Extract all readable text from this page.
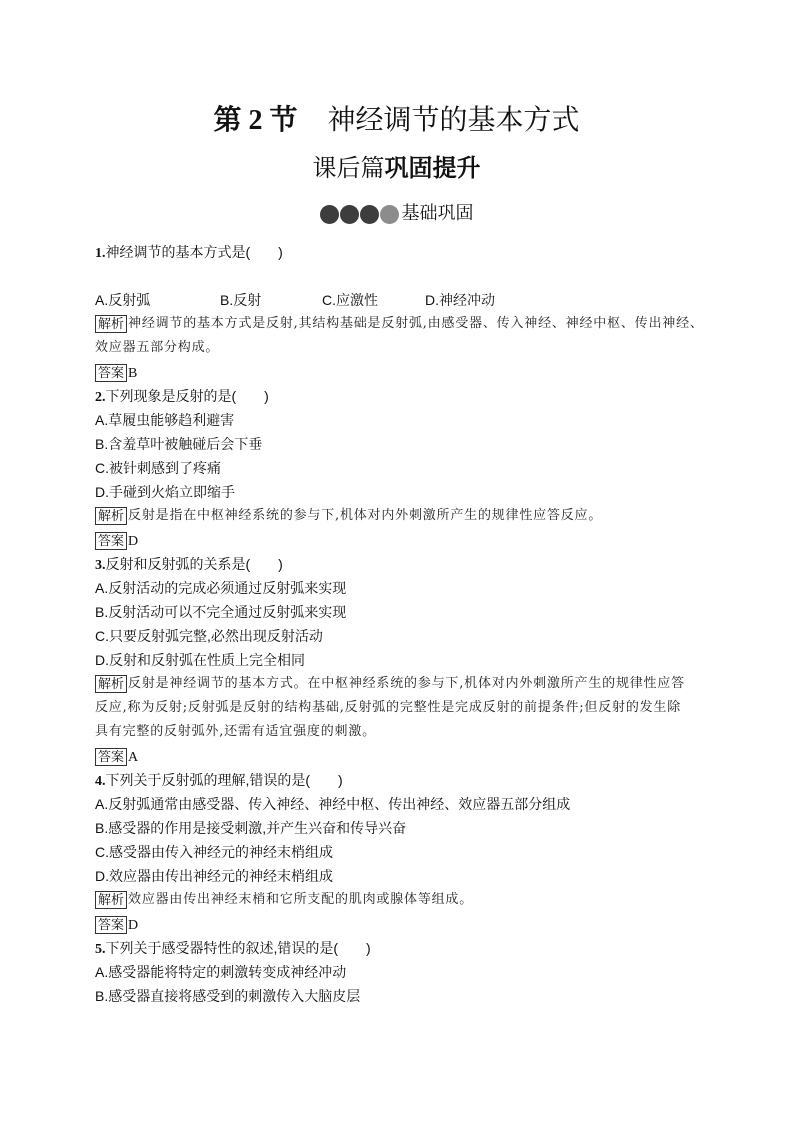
第 2 节 神经调节的基本方式
课后篇巩固提升
基础巩固
1.神经调节的基本方式是(　　)
A.反射弧	B.反射	C.应激性	D.神经冲动
解析 神经调节的基本方式是反射,其结构基础是反射弧,由感受器、传入神经、神经中枢、传出神经、
效应器五部分构成。
答案 B
2.下列现象是反射的是(　　)
A.草履虫能够趋利避害
B.含羞草叶被触碰后会下垂
C.被针刺感到了疼痛
D.手碰到火焰立即缩手
解析 反射是指在中枢神经系统的参与下,机体对内外刺激所产生的规律性应答反应。
答案 D
3.反射和反射弧的关系是(　　)
A.反射活动的完成必须通过反射弧来实现
B.反射活动可以不完全通过反射弧来实现
C.只要反射弧完整,必然出现反射活动
D.反射和反射弧在性质上完全相同
解析 反射是神经调节的基本方式。在中枢神经系统的参与下,机体对内外刺激所产生的规律性应答
反应,称为反射;反射弧是反射的结构基础,反射弧的完整性是完成反射的前提条件;但反射的发生除
具有完整的反射弧外,还需有适宜强度的刺激。
答案 A
4.下列关于反射弧的理解,错误的是(　　)
A.反射弧通常由感受器、传入神经、神经中枢、传出神经、效应器五部分组成
B.感受器的作用是接受刺激,并产生兴奋和传导兴奋
C.感受器由传入神经元的神经末梢组成
D.效应器由传出神经元的神经末梢组成
解析 效应器由传出神经末梢和它所支配的肌肉或腺体等组成。
答案 D
5.下列关于感受器特性的叙述,错误的是(　　)
A.感受器能将特定的刺激转变成神经冲动
B.感受器直接将感受到的刺激传入大脑皮层
